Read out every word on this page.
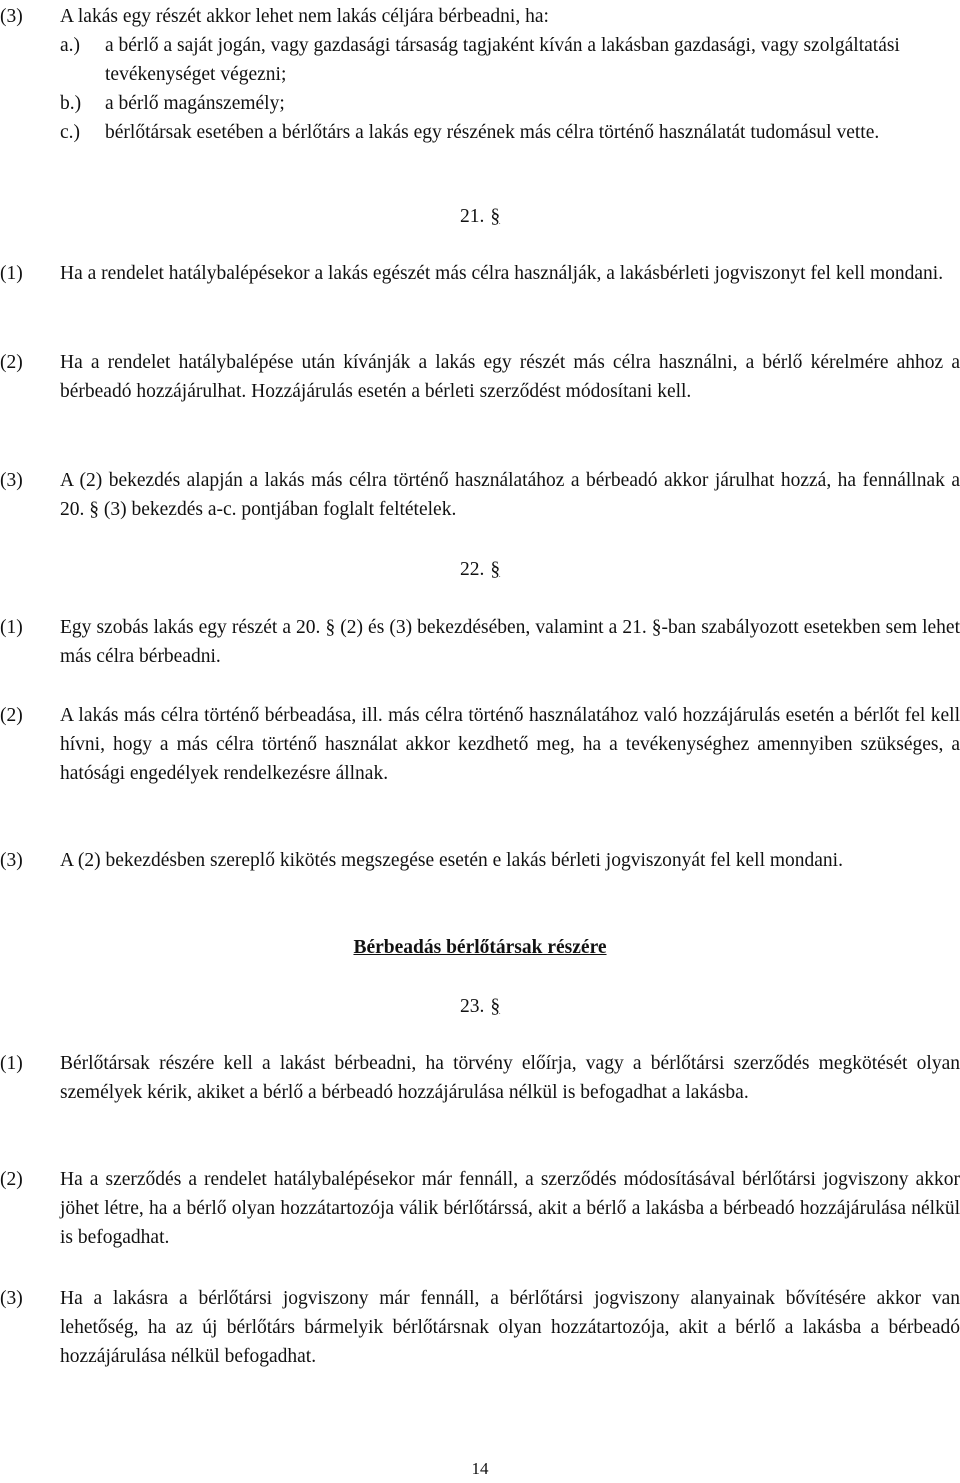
(3) A lakás egy részét akkor lehet nem lakás céljára bérbeadni, ha:
a.) a bérlő a saját jogán, vagy gazdasági társaság tagjaként kíván a lakásban gazdasági, vagy szolgáltatási tevékenységet végezni;
b.) a bérlő magánszemély;
c.) bérlőtársak esetében a bérlőtárs a lakás egy részének más célra történő használatát tudomásul vette.
21. §
(1) Ha a rendelet hatálybalépésekor a lakás egészét más célra használják, a lakásbérleti jogviszonyt fel kell mondani.
(2) Ha a rendelet hatálybalépése után kívánják a lakás egy részét más célra használni, a bérlő kérelmére ahhoz a bérbeadó hozzájárulhat. Hozzájárulás esetén a bérleti szerződést módosítani kell.
(3) A (2) bekezdés alapján a lakás más célra történő használatához a bérbeadó akkor járulhat hozzá, ha fennállnak a 20. § (3) bekezdés a-c. pontjában foglalt feltételek.
22. §
(1) Egy szobás lakás egy részét a 20. § (2) és (3) bekezdésében, valamint a 21. §-ban szabályozott esetekben sem lehet más célra bérbeadni.
(2) A lakás más célra történő bérbeadása, ill. más célra történő használatához való hozzájárulás esetén a bérlőt fel kell hívni, hogy a más célra történő használat akkor kezdhető meg, ha a tevékenységhez amennyiben szükséges, a hatósági engedélyek rendelkezésre állnak.
(3) A (2) bekezdésben szereplő kikötés megszegése esetén e lakás bérleti jogviszonyát fel kell mondani.
Bérbeadás bérlőtársak részére
23. §
(1) Bérlőtársak részére kell a lakást bérbeadni, ha törvény előírja, vagy a bérlőtársi szerződés megkötését olyan személyek kérik, akiket a bérlő a bérbeadó hozzájárulása nélkül is befogadhat a lakásba.
(2) Ha a szerződés a rendelet hatálybalépésekor már fennáll, a szerződés módosításával bérlőtársi jogviszony akkor jöhet létre, ha a bérlő olyan hozzátartozója válik bérlőtárssá, akit a bérlő a lakásba a bérbeadó hozzájárulása nélkül is befogadhat.
(3) Ha a lakásra a bérlőtársi jogviszony már fennáll, a bérlőtársi jogviszony alanyainak bővítésére akkor van lehetőség, ha az új bérlőtárs bármelyik bérlőtársnak olyan hozzátartozója, akit a bérlő a lakásba a bérbeadó hozzájárulása nélkül befogadhat.
14
